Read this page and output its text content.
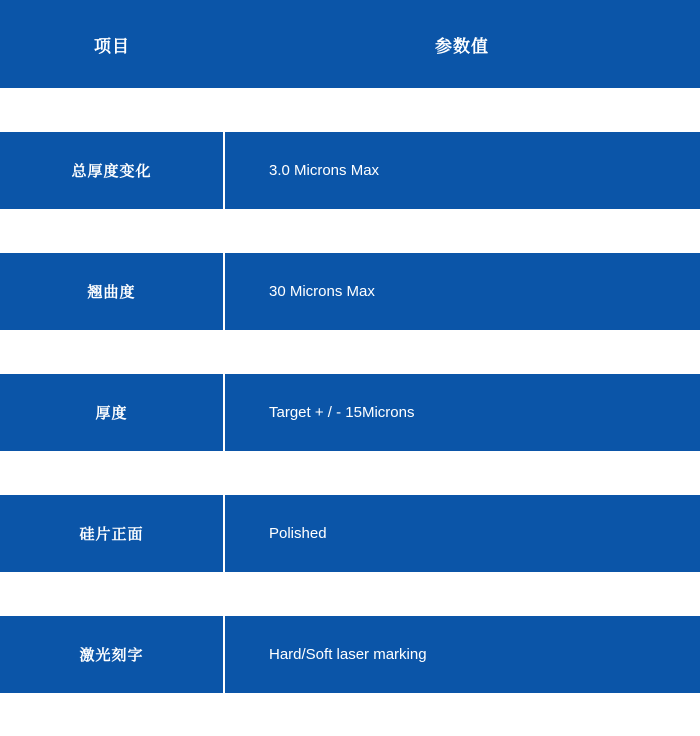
项目	参数值

总厚度变化	3.0 Microns Max

翘曲度	30 Microns Max

厚度	Target + / - 15Microns

硅片正面	Polished

激光刻字	Hard/Soft laser marking
